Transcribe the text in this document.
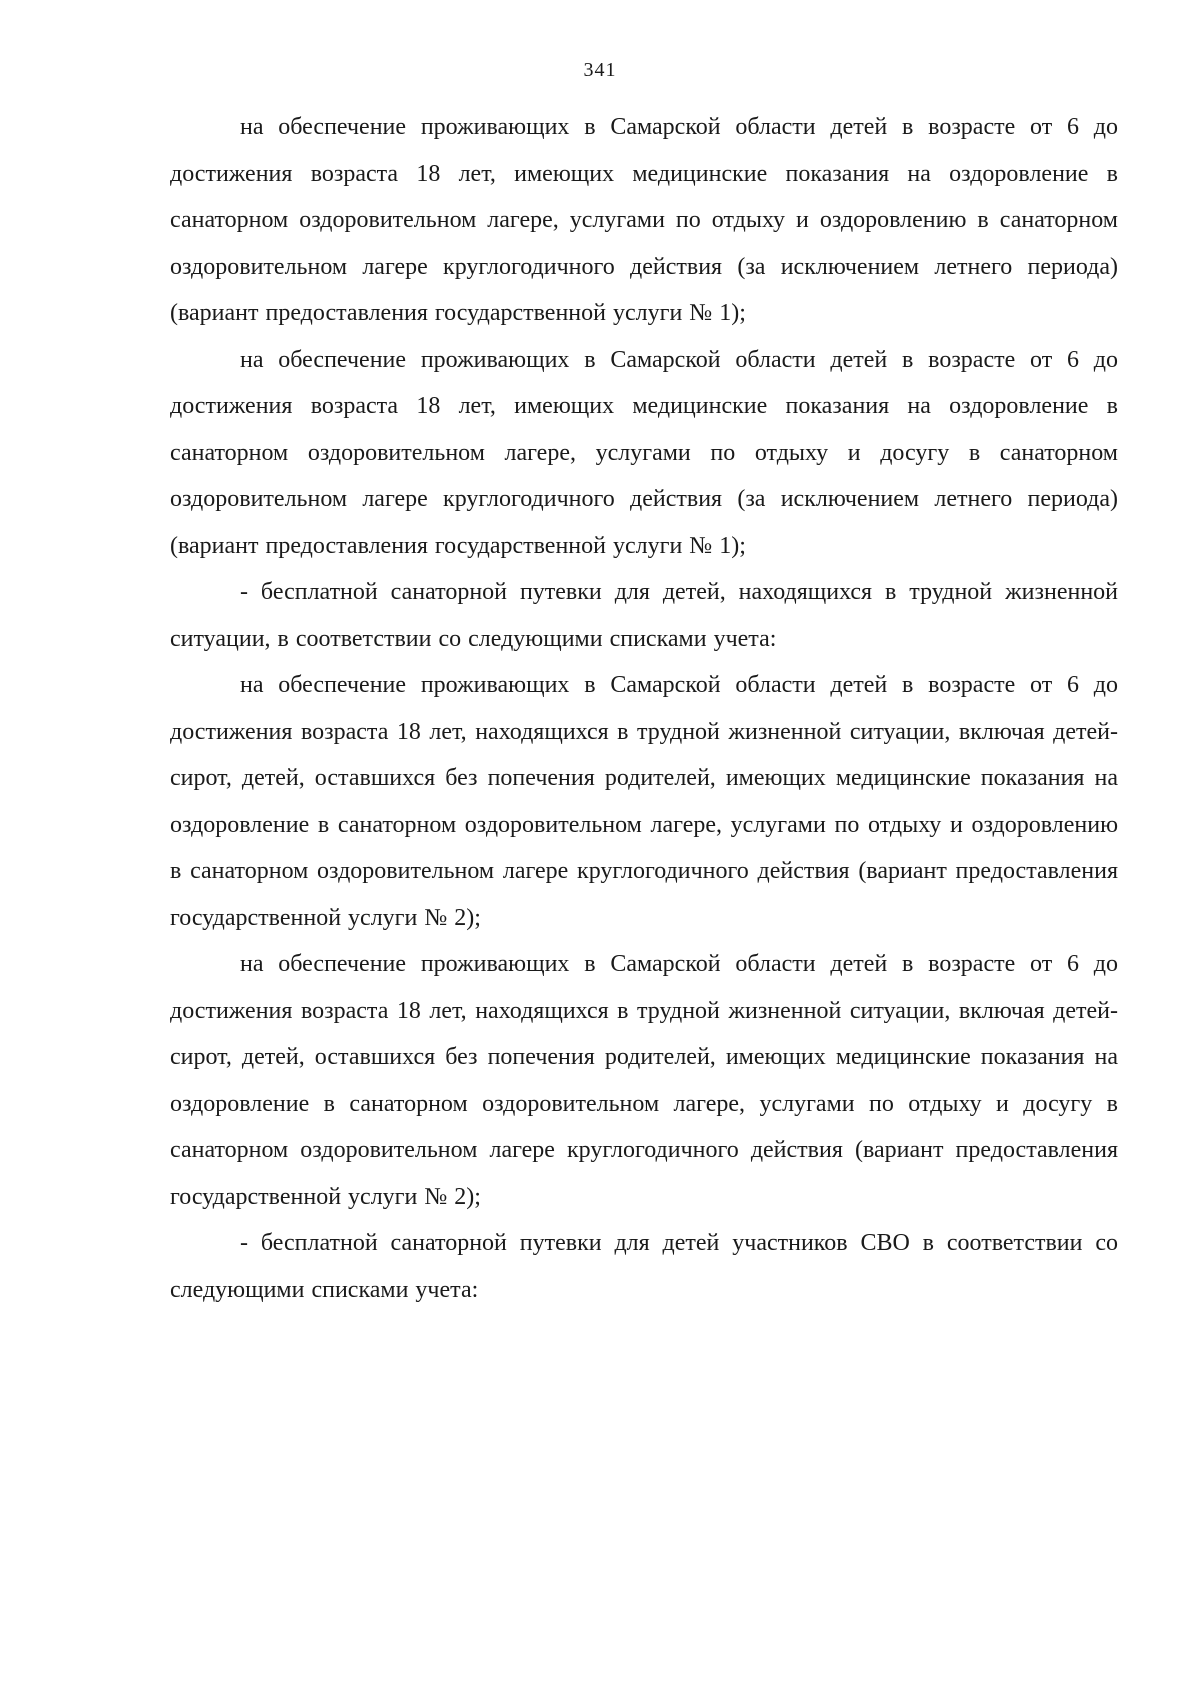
341

на обеспечение проживающих в Самарской области детей в возрасте от 6 до достижения возраста 18 лет, имеющих медицинские показания на оздоровление в санаторном оздоровительном лагере, услугами по отдыху и оздоровлению в санаторном оздоровительном лагере круглогодичного действия (за исключением летнего периода) (вариант предоставления государственной услуги № 1);

на обеспечение проживающих в Самарской области детей в возрасте от 6 до достижения возраста 18 лет, имеющих медицинские показания на оздоровление в санаторном оздоровительном лагере, услугами по отдыху и досугу в санаторном оздоровительном лагере круглогодичного действия (за исключением летнего периода) (вариант предоставления государственной услуги № 1);

- бесплатной санаторной путевки для детей, находящихся в трудной жизненной ситуации, в соответствии со следующими списками учета:

на обеспечение проживающих в Самарской области детей в возрасте от 6 до достижения возраста 18 лет, находящихся в трудной жизненной ситуации, включая детей-сирот, детей, оставшихся без попечения родителей, имеющих медицинские показания на оздоровление в санаторном оздоровительном лагере, услугами по отдыху и оздоровлению в санаторном оздоровительном лагере круглогодичного действия (вариант предоставления государственной услуги № 2);

на обеспечение проживающих в Самарской области детей в возрасте от 6 до достижения возраста 18 лет, находящихся в трудной жизненной ситуации, включая детей-сирот, детей, оставшихся без попечения родителей, имеющих медицинские показания на оздоровление в санаторном оздоровительном лагере, услугами по отдыху и досугу в санаторном оздоровительном лагере круглогодичного действия (вариант предоставления государственной услуги № 2);

- бесплатной санаторной путевки для детей участников СВО в соответствии со следующими списками учета:
